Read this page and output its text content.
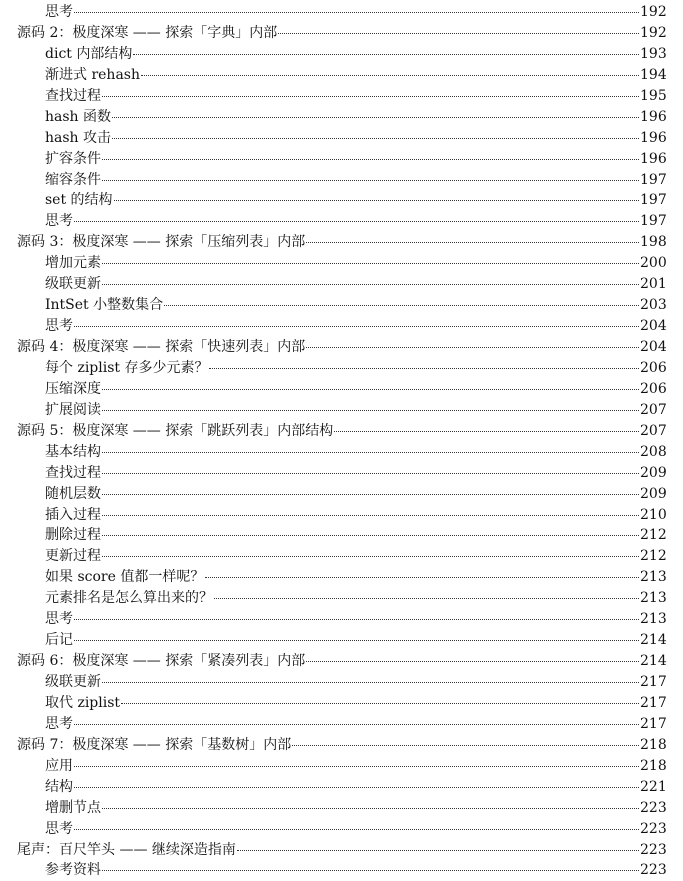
思考	192
源码 2：极度深寒 —— 探索「字典」内部	192
dict 内部结构	193
渐进式 rehash	194
查找过程	195
hash 函数	196
hash 攻击	196
扩容条件	196
缩容条件	197
set 的结构	197
思考	197
源码 3：极度深寒 —— 探索「压缩列表」内部	198
增加元素	200
级联更新	201
IntSet 小整数集合	203
思考	204
源码 4：极度深寒 —— 探索「快速列表」内部	204
每个 ziplist 存多少元素？	206
压缩深度	206
扩展阅读	207
源码 5：极度深寒 —— 探索「跳跃列表」内部结构	207
基本结构	208
查找过程	209
随机层数	209
插入过程	210
删除过程	212
更新过程	212
如果 score 值都一样呢？	213
元素排名是怎么算出来的？	213
思考	213
后记	214
源码 6：极度深寒 —— 探索「紧凑列表」内部	214
级联更新	217
取代 ziplist	217
思考	217
源码 7：极度深寒 —— 探索「基数树」内部	218
应用	218
结构	221
增删节点	223
思考	223
尾声：百尺竿头 —— 继续深造指南	223
参考资料	223
